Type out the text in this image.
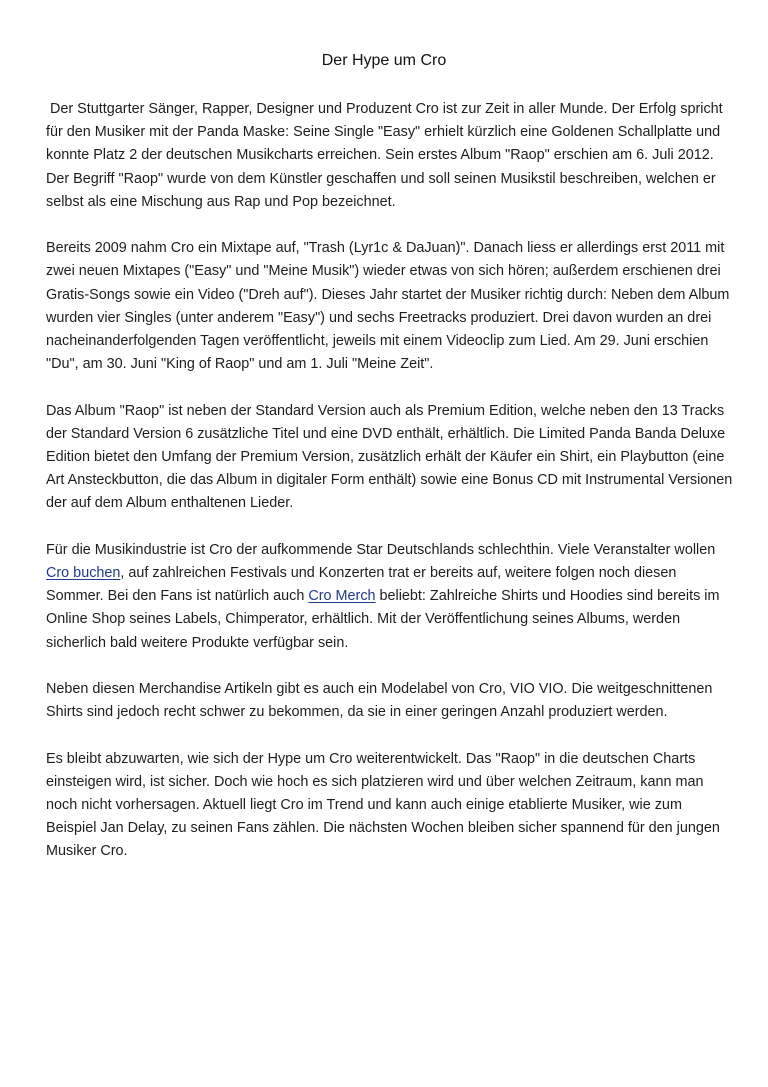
Der Hype um Cro

Der Stuttgarter Sänger, Rapper, Designer und Produzent Cro ist zur Zeit in aller Munde. Der Erfolg spricht für den Musiker mit der Panda Maske: Seine Single "Easy" erhielt kürzlich eine Goldenen Schallplatte und konnte Platz 2 der deutschen Musikcharts erreichen. Sein erstes Album "Raop" erschien am 6. Juli 2012. Der Begriff "Raop" wurde von dem Künstler geschaffen und soll seinen Musikstil beschreiben, welchen er selbst als eine Mischung aus Rap und Pop bezeichnet.

Bereits 2009 nahm Cro ein Mixtape auf, "Trash (Lyr1c & DaJuan)". Danach liess er allerdings erst 2011 mit zwei neuen Mixtapes ("Easy" und "Meine Musik") wieder etwas von sich hören; außerdem erschienen drei Gratis-Songs sowie ein Video ("Dreh auf"). Dieses Jahr startet der Musiker richtig durch: Neben dem Album wurden vier Singles (unter anderem "Easy") und sechs Freetracks produziert. Drei davon wurden an drei nacheinanderfolgenden Tagen veröffentlicht, jeweils mit einem Videoclip zum Lied. Am 29. Juni erschien "Du", am 30. Juni "King of Raop" und am 1. Juli "Meine Zeit".

Das Album "Raop" ist neben der Standard Version auch als Premium Edition, welche neben den 13 Tracks der Standard Version 6 zusätzliche Titel und eine DVD enthält, erhältlich. Die Limited Panda Banda Deluxe Edition bietet den Umfang der Premium Version, zusätzlich erhält der Käufer ein Shirt, ein Playbutton (eine Art Ansteckbutton, die das Album in digitaler Form enthält) sowie eine Bonus CD mit Instrumental Versionen der auf dem Album enthaltenen Lieder.

Für die Musikindustrie ist Cro der aufkommende Star Deutschlands schlechthin. Viele Veranstalter wollen Cro buchen, auf zahlreichen Festivals und Konzerten trat er bereits auf, weitere folgen noch diesen Sommer. Bei den Fans ist natürlich auch Cro Merch beliebt: Zahlreiche Shirts und Hoodies sind bereits im Online Shop seines Labels, Chimperator, erhältlich. Mit der Veröffentlichung seines Albums, werden sicherlich bald weitere Produkte verfügbar sein.

Neben diesen Merchandise Artikeln gibt es auch ein Modelabel von Cro, VIO VIO. Die weitgeschnittenen Shirts sind jedoch recht schwer zu bekommen, da sie in einer geringen Anzahl produziert werden.

Es bleibt abzuwarten, wie sich der Hype um Cro weiterentwickelt. Das "Raop" in die deutschen Charts einsteigen wird, ist sicher. Doch wie hoch es sich platzieren wird und über welchen Zeitraum, kann man noch nicht vorhersagen. Aktuell liegt Cro im Trend und kann auch einige etablierte Musiker, wie zum Beispiel Jan Delay, zu seinen Fans zählen. Die nächsten Wochen bleiben sicher spannend für den jungen Musiker Cro.
